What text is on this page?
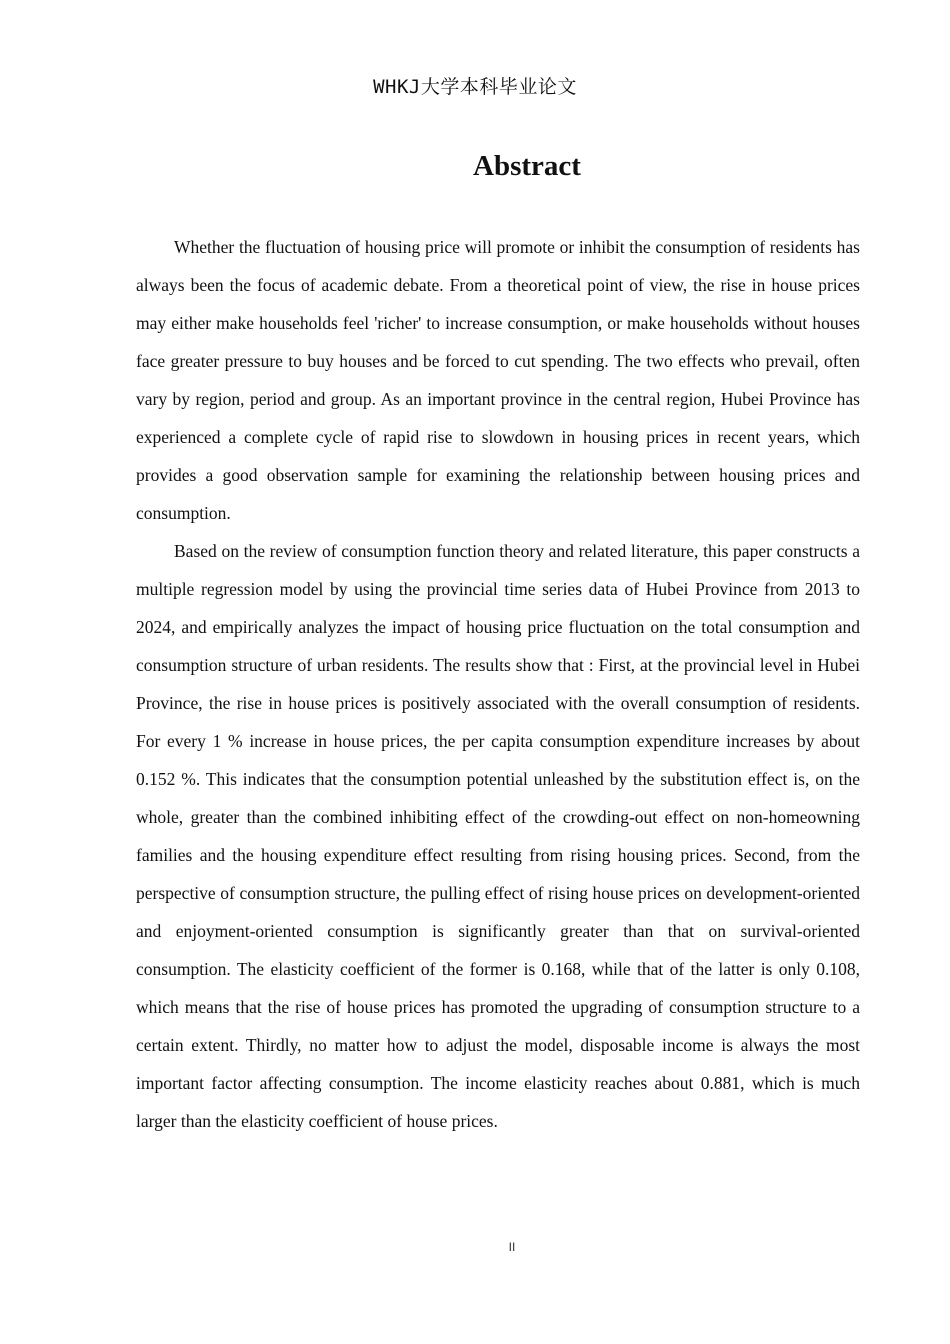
WHKJ大学本科毕业论文
Abstract

Whether the fluctuation of housing price will promote or inhibit the consumption of residents has always been the focus of academic debate. From a theoretical point of view, the rise in house prices may either make households feel 'richer' to increase consumption, or make households without houses face greater pressure to buy houses and be forced to cut spending. The two effects who prevail, often vary by region, period and group. As an important province in the central region, Hubei Province has experienced a complete cycle of rapid rise to slowdown in housing prices in recent years, which provides a good observation sample for examining the relationship between housing prices and consumption.

Based on the review of consumption function theory and related literature, this paper constructs a multiple regression model by using the provincial time series data of Hubei Province from 2013 to 2024, and empirically analyzes the impact of housing price fluctuation on the total consumption and consumption structure of urban residents. The results show that : First, at the provincial level in Hubei Province, the rise in house prices is positively associated with the overall consumption of residents. For every 1 % increase in house prices, the per capita consumption expenditure increases by about 0.152 %. This indicates that the consumption potential unleashed by the substitution effect is, on the whole, greater than the combined inhibiting effect of the crowding-out effect on non-homeowning families and the housing expenditure effect resulting from rising housing prices. Second, from the perspective of consumption structure, the pulling effect of rising house prices on development-oriented and enjoyment-oriented consumption is significantly greater than that on survival-oriented consumption. The elasticity coefficient of the former is 0.168, while that of the latter is only 0.108, which means that the rise of house prices has promoted the upgrading of consumption structure to a certain extent. Thirdly, no matter how to adjust the model, disposable income is always the most important factor affecting consumption. The income elasticity reaches about 0.881, which is much larger than the elasticity coefficient of house prices.

II
